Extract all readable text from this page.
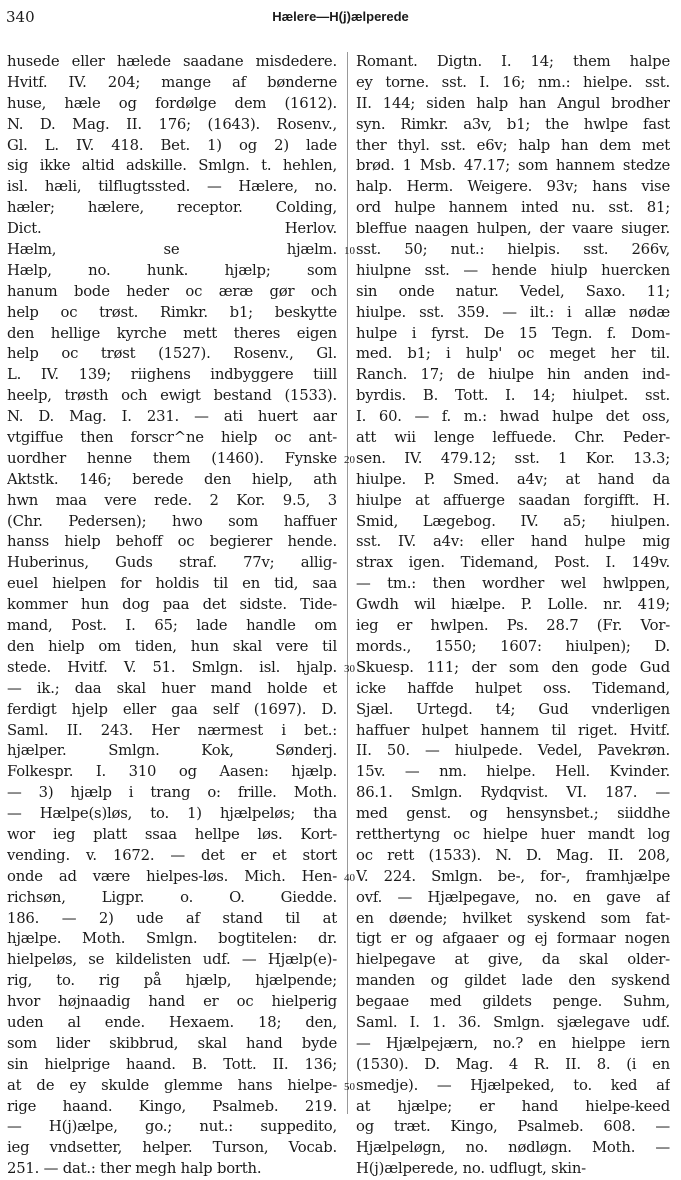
340	Hælere—H(j)ælperede
husede eller hælede saadane misdedere.
Hvitf. IV. 204; mange af bønderne
huse, hæle og fordølge dem (1612).
N. D. Mag. II. 176; (1643). Rosenv.,
Gl. L. IV. 418. Bet. 1) og 2) lade
sig ikke altid adskille. Smlgn. t. hehlen,
isl. hæli, tilflugtssted. — Hælere, no.
hæler; hælere, receptor. Colding,
Dict. Herlov.
Hælm, se hjælm.
Hælp, no. hunk. hjælp; som
hanum bode heder oc æræ gør och
help oc trøst. Rimkr. b1; beskytte
den hellige kyrche mett theres eigen
help oc trøst (1527). Rosenv., Gl.
L. IV. 139; riighens indbyggere tiill
heelp, trøsth och ewigt bestand (1533).
N. D. Mag. I. 231. — ati huert aar
vtgiffue then forscr^ne hielp oc ant-
uordher henne them (1460). Fynske
Aktstk. 146; berede den hielp, ath
hwn maa vere rede. 2 Kor. 9.5, 3
(Chr. Pedersen); hwo som haffuer
hanss hielp behoff oc begierer hende.
Huberinus, Guds straf. 77v; allig-
euel hielpen for holdis til en tid, saa
kommer hun dog paa det sidste. Tide-
mand, Post. I. 65; lade handle om
den hielp om tiden, hun skal vere til
stede. Hvitf. V. 51. Smlgn. isl. hjalp.
— ik.; daa skal huer mand holde et
ferdigt hjelp eller gaa self (1697). D.
Saml. II. 243. Her nærmest i bet.:
hjælper. Smlgn. Kok, Sønderj.
Folkespr. I. 310 og Aasen: hjælp.
— 3) hjælp i trang o: frille. Moth.
— Hælpe(s)løs, to. 1) hjælpeløs; tha
wor ieg platt ssaa hellpe løs. Kort-
vending. v. 1672. — det er et stort
onde ad være hielpes-løs. Mich. Hen-
richsøn, Ligpr. o. O. Giedde.
186. — 2) ude af stand til at
hjælpe. Moth. Smlgn. bogtitelen: dr.
hielpeløs, se kildelisten udf. — Hjælp(e)-
rig, to. rig på hjælp, hjælpende;
hvor højnaadig hand er oc hielperig
uden al ende. Hexaem. 18; den,
som lider skibbrud, skal hand byde
sin hielprige haand. B. Tott. II. 136;
at de ey skulde glemme hans hielpe-
rige haand. Kingo, Psalmeb. 219.
— H(j)ælpe, go.; nut.: suppedito,
ieg vndsetter, helper. Turson, Vocab.
251. — dat.: ther megh halp borth.
10
20
30
40
50
Romant. Digtn. I. 14; them halpe
ey torne. sst. I. 16; nm.: hielpe. sst.
II. 144; siden halp han Angul brodher
syn. Rimkr. a3v, b1; the hwlpe fast
ther thyl. sst. e6v; halp han dem met
brød. 1 Msb. 47.17; som hannem stedze
halp. Herm. Weigere. 93v; hans vise
ord hulpe hannem inted nu. sst. 81;
bleffue naagen hulpen, der vaare siuger.
sst. 50; nut.: hielpis. sst. 266v,
hiulpne sst. — hende hiulp huercken
sin onde natur. Vedel, Saxo. 11;
hiulpe. sst. 359. — ilt.: i allæ nødæ
hulpe i fyrst. De 15 Tegn. f. Dom-
med. b1; i hulp' oc meget her til.
Ranch. 17; de hiulpe hin anden ind-
byrdis. B. Tott. I. 14; hiulpet. sst.
I. 60. — f. m.: hwad hulpe det oss,
att wii lenge leffuede. Chr. Peder-
sen. IV. 479.12; sst. 1 Kor. 13.3;
hiulpe. P. Smed. a4v; at hand da
hiulpe at affuerge saadan forgifft. H.
Smid, Lægebog. IV. a5; hiulpen.
sst. IV. a4v: eller hand hulpe mig
strax igen. Tidemand, Post. I. 149v.
— tm.: then wordher wel hwlppen,
Gwdh wil hiælpe. P. Lolle. nr. 419;
ieg er hwlpen. Ps. 28.7 (Fr. Vor-
mords., 1550; 1607: hiulpen); D.
Skuesp. 111; der som den gode Gud
icke haffde hulpet oss. Tidemand,
Sjæl. Urtegd. t4; Gud vnderligen
haffuer hulpet hannem til riget. Hvitf.
II. 50. — hiulpede. Vedel, Pavekrøn.
15v. — nm. hielpe. Hell. Kvinder.
86.1. Smlgn. Rydqvist. VI. 187. —
med genst. og hensynsbet.; siiddhe
retthertyng oc hielpe huer mandt log
oc rett (1533). N. D. Mag. II. 208,
V. 224. Smlgn. be-, for-, framhjælpe
ovf. — Hjælpegave, no. en gave af
en døende; hvilket syskend som fat-
tigt er og afgaaer og ej formaar nogen
hielpegave at give, da skal older-
manden og gildet lade den syskend
begaae med gildets penge. Suhm,
Saml. I. 1. 36. Smlgn. sjælegave udf.
— Hjælpejærn, no.? en hielppe iern
(1530). D. Mag. 4 R. II. 8. (i en
smedje). — Hjælpeked, to. ked af
at hjælpe; er hand hielpe-keed
og træt. Kingo, Psalmeb. 608. —
Hjælpeløgn, no. nødløgn. Moth. —
H(j)ælperede, no. udflugt, skin-
